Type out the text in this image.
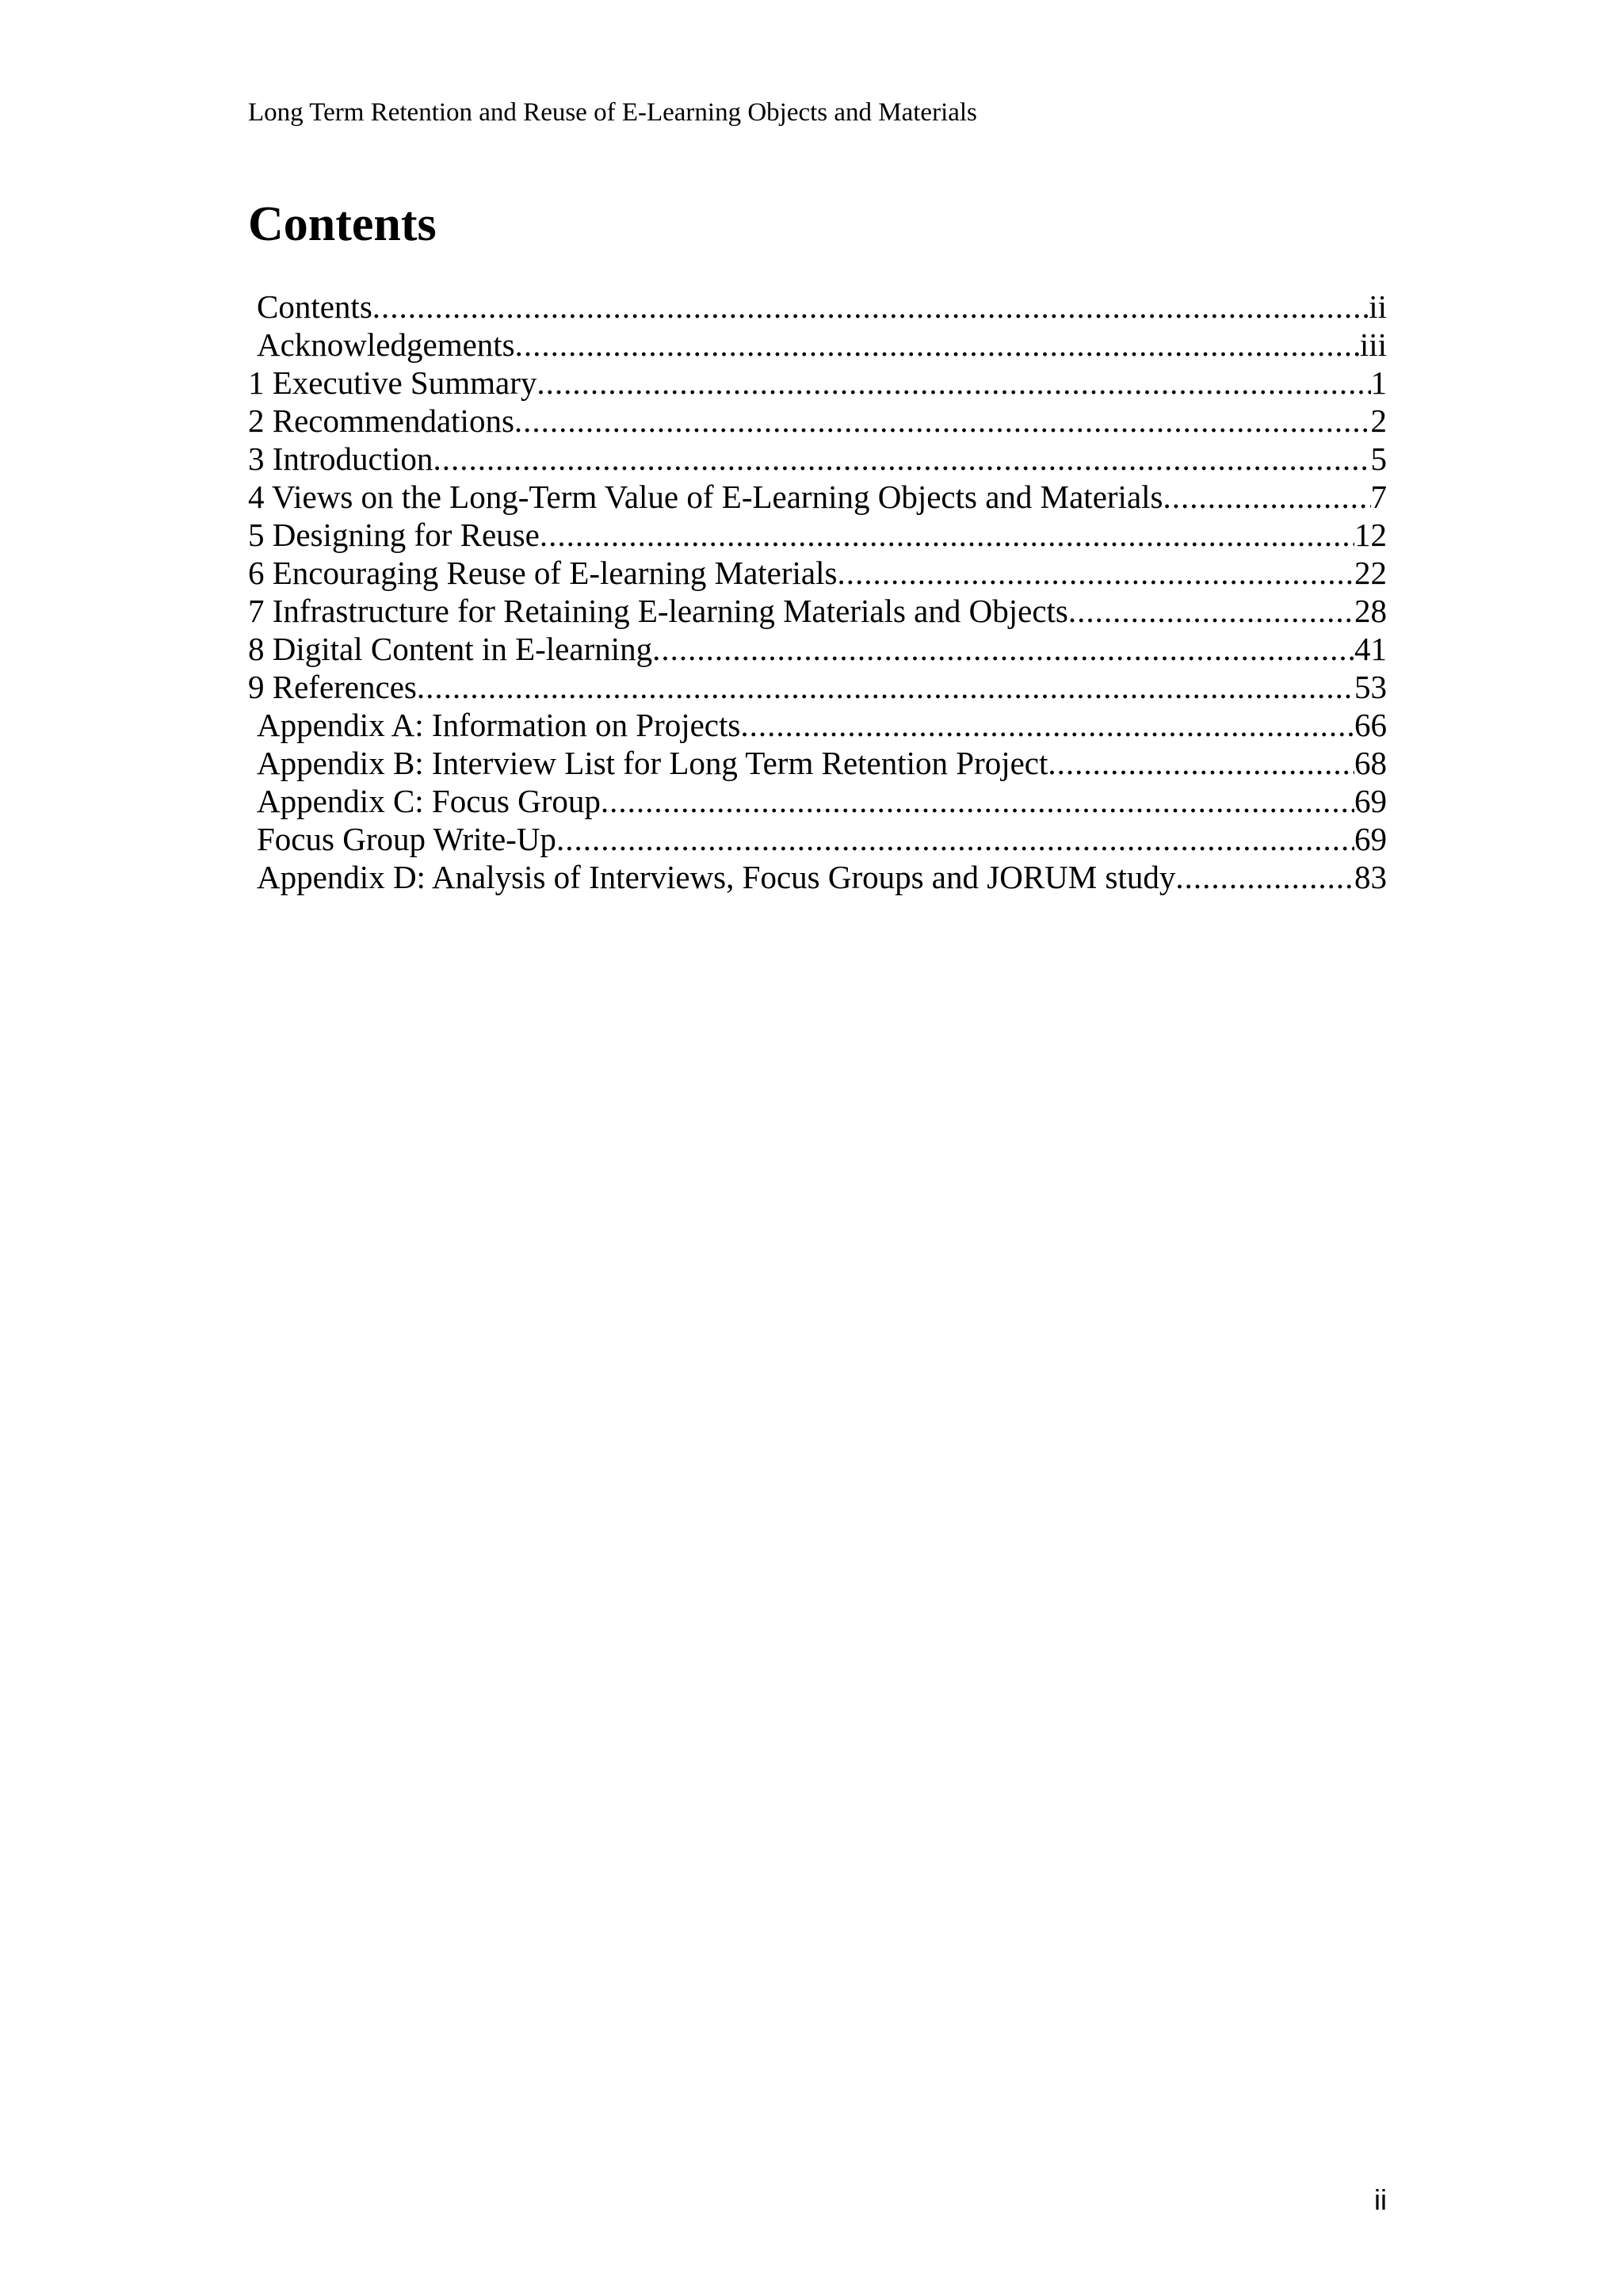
Long Term Retention and Reuse of E-Learning Objects and Materials
Contents
Contents .....	ii
Acknowledgements .....	iii
1 Executive Summary .....	1
2 Recommendations .....	2
3 Introduction .....	5
4 Views on the Long-Term Value of E-Learning Objects and Materials .....	7
5 Designing for Reuse .....	12
6 Encouraging Reuse of E-learning Materials .....	22
7 Infrastructure for Retaining E-learning Materials and Objects .....	28
8 Digital Content in E-learning .....	41
9 References .....	53
Appendix A: Information on Projects .....	66
Appendix B: Interview List for Long Term Retention Project .....	68
Appendix C: Focus Group .....	69
Focus Group Write-Up .....	69
Appendix D: Analysis of Interviews, Focus Groups and JORUM study .....	83
ii
